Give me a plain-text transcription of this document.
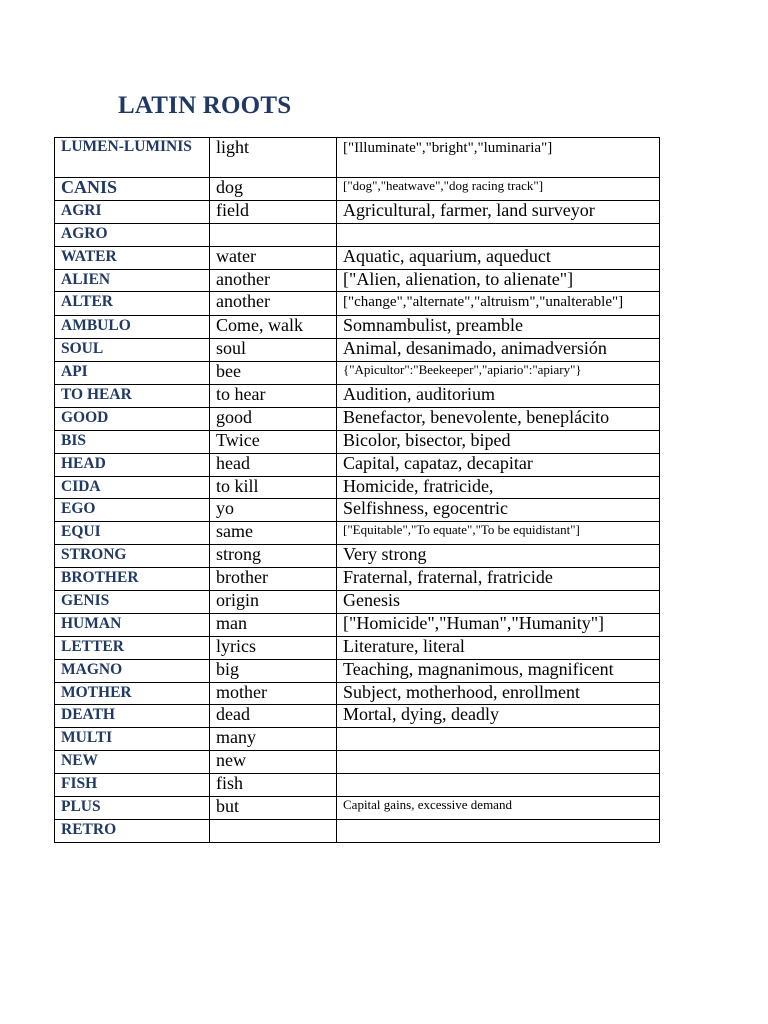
LATIN ROOTS
LUMEN-LUMINIS	light	["Illuminate","bright","luminaria"]
CANIS	dog	["dog","heatwave","dog racing track"]
AGRI	field	Agricultural, farmer, land surveyor
AGRO		
WATER	water	Aquatic, aquarium, aqueduct
ALIEN	another	["Alien, alienation, to alienate"]
ALTER	another	["change","alternate","altruism","unalterable"]
AMBULO	Come, walk	Somnambulist, preamble
SOUL	soul	Animal, desanimado, animadversión
API	bee	{"Apicultor":"Beekeeper","apiario":"apiary"}
TO HEAR	to hear	Audition, auditorium
GOOD	good	Benefactor, benevolente, beneplácito
BIS	Twice	Bicolor, bisector, biped
HEAD	head	Capital, capataz, decapitar
CIDA	to kill	Homicide, fratricide,
EGO	yo	Selfishness, egocentric
EQUI	same	["Equitable","To equate","To be equidistant"]
STRONG	strong	Very strong
BROTHER	brother	Fraternal, fraternal, fratricide
GENIS	origin	Genesis
HUMAN	man	["Homicide","Human","Humanity"]
LETTER	lyrics	Literature, literal
MAGNO	big	Teaching, magnanimous, magnificent
MOTHER	mother	Subject, motherhood, enrollment
DEATH	dead	Mortal, dying, deadly
MULTI	many	
NEW	new	
FISH	fish	
PLUS	but	Capital gains, excessive demand
RETRO		
